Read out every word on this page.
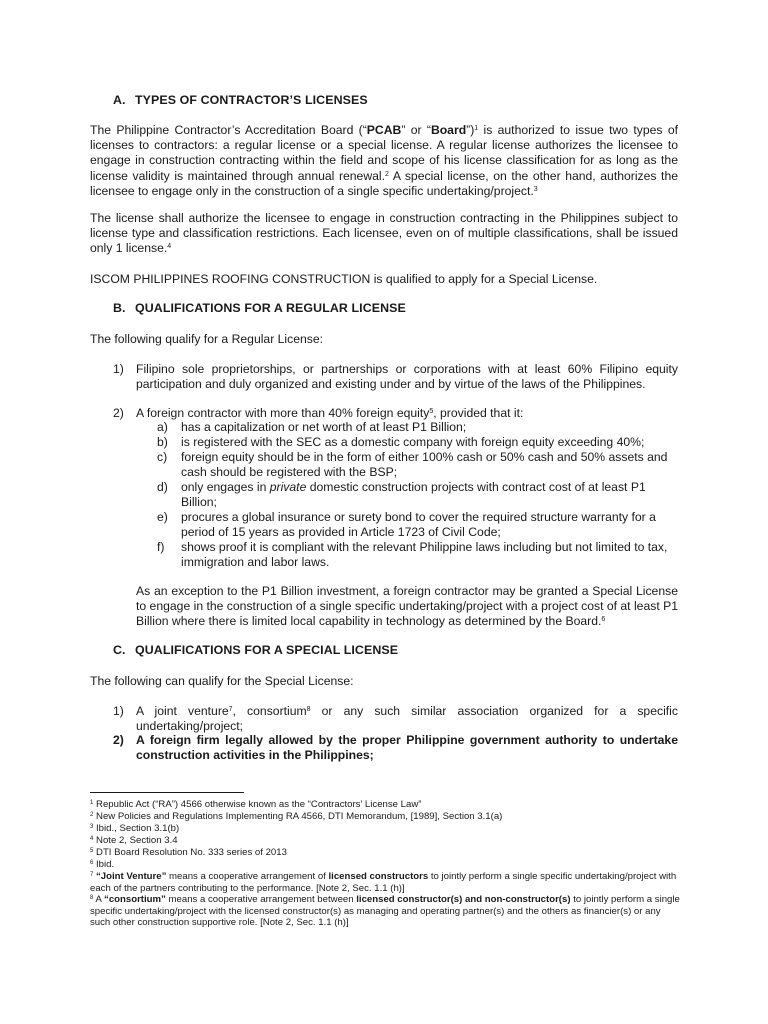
A. TYPES OF CONTRACTOR’S LICENSES

The Philippine Contractor’s Accreditation Board (“PCAB” or “Board”)$^1$ is authorized to issue two types of licenses to contractors: a regular license or a special license. A regular license authorizes the licensee to engage in construction contracting within the field and scope of his license classification for as long as the license validity is maintained through annual renewal.$^2$ A special license, on the other hand, authorizes the licensee to engage only in the construction of a single specific undertaking/project.$^3$

The license shall authorize the licensee to engage in construction contracting in the Philippines subject to license type and classification restrictions. Each licensee, even on of multiple classifications, shall be issued only 1 license.$^4$

ISCOM PHILIPPINES ROOFING CONSTRUCTION is qualified to apply for a Special License.

B. QUALIFICATIONS FOR A REGULAR LICENSE

The following qualify for a Regular License:

1) Filipino sole proprietorships, or partnerships or corporations with at least 60% Filipino equity participation and duly organized and existing under and by virtue of the laws of the Philippines.
2) A foreign contractor with more than 40% foreign equity$^5$, provided that it:
a) has a capitalization or net worth of at least P1 Billion;
b) is registered with the SEC as a domestic company with foreign equity exceeding 40%;
c) foreign equity should be in the form of either 100% cash or 50% cash and 50% assets and cash should be registered with the BSP;
d) only engages in private domestic construction projects with contract cost of at least P1 Billion;
e) procures a global insurance or surety bond to cover the required structure warranty for a period of 15 years as provided in Article 1723 of Civil Code;
f) shows proof it is compliant with the relevant Philippine laws including but not limited to tax, immigration and labor laws.

As an exception to the P1 Billion investment, a foreign contractor may be granted a Special License to engage in the construction of a single specific undertaking/project with a project cost of at least P1 Billion where there is limited local capability in technology as determined by the Board.$^6$

C. QUALIFICATIONS FOR A SPECIAL LICENSE

The following can qualify for the Special License:

1) A joint venture$^7$, consortium$^8$ or any such similar association organized for a specific undertaking/project;
2) A foreign firm legally allowed by the proper Philippine government authority to undertake construction activities in the Philippines;
$^1$ Republic Act (“RA”) 4566 otherwise known as the “Contractors’ License Law”
$^2$ New Policies and Regulations Implementing RA 4566, DTI Memorandum, [1989], Section 3.1(a)
$^3$ Ibid., Section 3.1(b)
$^4$ Note 2, Section 3.4
$^5$ DTI Board Resolution No. 333 series of 2013
$^6$ Ibid.
$^7$ “Joint Venture” means a cooperative arrangement of licensed constructors to jointly perform a single specific undertaking/project with each of the partners contributing to the performance. [Note 2, Sec. 1.1 (h)]
$^8$ A “consortium” means a cooperative arrangement between licensed constructor(s) and non-constructor(s) to jointly perform a single specific undertaking/project with the licensed constructor(s) as managing and operating partner(s) and the others as financier(s) or any such other construction supportive role. [Note 2, Sec. 1.1 (h)]
